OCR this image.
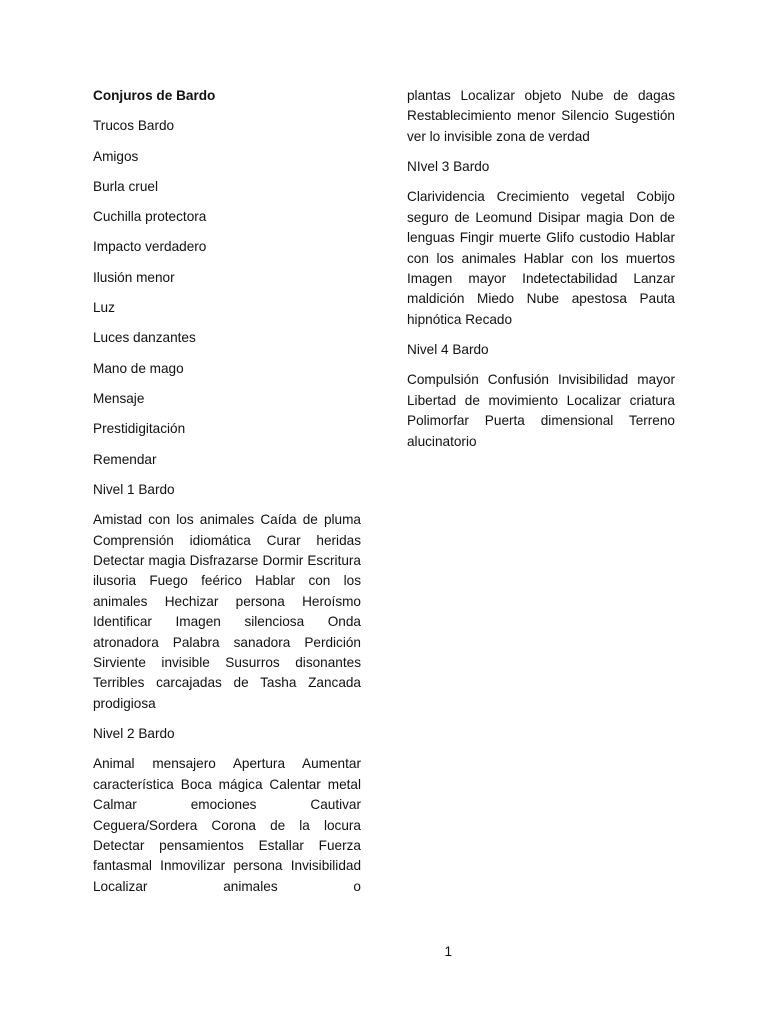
Conjuros de Bardo

Trucos Bardo

Amigos

Burla cruel

Cuchilla protectora

Impacto verdadero

Ilusión menor

Luz

Luces danzantes

Mano de mago

Mensaje

Prestidigitación

Remendar

Nivel 1 Bardo

Amistad con los animales Caída de pluma Comprensión idiomática Curar heridas Detectar magia Disfrazarse Dormir Escritura ilusoria Fuego feérico Hablar con los animales Hechizar persona Heroísmo Identificar Imagen silenciosa Onda atronadora Palabra sanadora Perdición Sirviente invisible Susurros disonantes Terribles carcajadas de Tasha Zancada prodigiosa

Nivel 2 Bardo

Animal mensajero Apertura Aumentar característica Boca mágica Calentar metal Calmar emociones Cautivar Ceguera/Sordera Corona de la locura Detectar pensamientos Estallar Fuerza fantasmal Inmovilizar persona Invisibilidad Localizar animales o

plantas Localizar objeto Nube de dagas Restablecimiento menor Silencio Sugestión ver lo invisible zona de verdad

NIvel 3 Bardo

Clarividencia Crecimiento vegetal Cobijo seguro de Leomund Disipar magia Don de lenguas Fingir muerte Glifo custodio Hablar con los animales Hablar con los muertos Imagen mayor Indetectabilidad Lanzar maldición Miedo Nube apestosa Pauta hipnótica Recado

Nivel 4 Bardo

Compulsión Confusión Invisibilidad mayor Libertad de movimiento Localizar criatura Polimorfar Puerta dimensional Terreno alucinatorio

1
